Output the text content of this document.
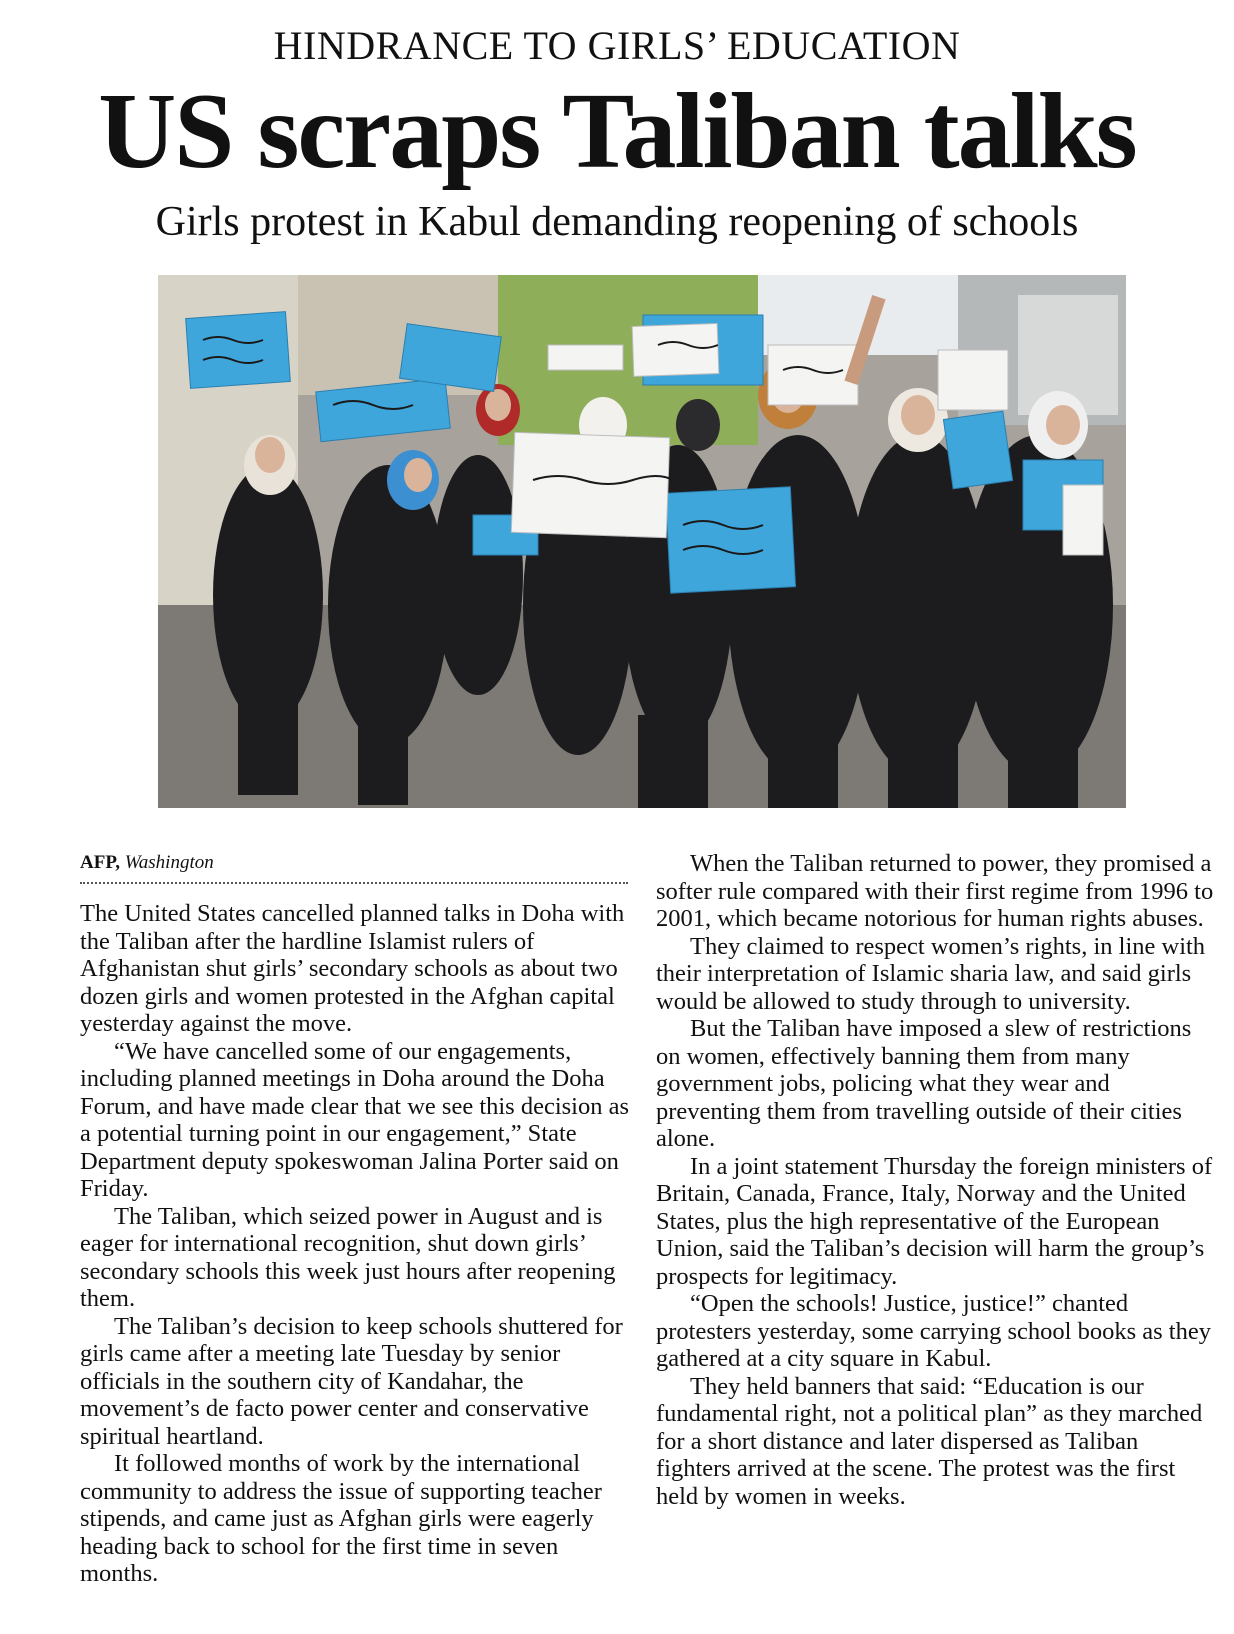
HINDRANCE TO GIRLS’ EDUCATION
US scraps Taliban talks
Girls protest in Kabul demanding reopening of schools
AFP, Washington

The United States cancelled planned talks in Doha with the Taliban after the hardline Islamist rulers of Afghanistan shut girls’ secondary schools as about two dozen girls and women protested in the Afghan capital yesterday against the move.

“We have cancelled some of our engagements, including planned meetings in Doha around the Doha Forum, and have made clear that we see this decision as a potential turning point in our engagement,” State Department deputy spokeswoman Jalina Porter said on Friday.

The Taliban, which seized power in August and is eager for international recognition, shut down girls’ secondary schools this week just hours after reopening them.

The Taliban’s decision to keep schools shuttered for girls came after a meeting late Tuesday by senior officials in the southern city of Kandahar, the movement’s de facto power center and conservative spiritual heartland.

It followed months of work by the international community to address the issue of supporting teacher stipends, and came just as Afghan girls were eagerly heading back to school for the first time in seven months.

When the Taliban returned to power, they promised a softer rule compared with their first regime from 1996 to 2001, which became notorious for human rights abuses.

They claimed to respect women’s rights, in line with their interpretation of Islamic sharia law, and said girls would be allowed to study through to university.

But the Taliban have imposed a slew of restrictions on women, effectively banning them from many government jobs, policing what they wear and preventing them from travelling outside of their cities alone.

In a joint statement Thursday the foreign ministers of Britain, Canada, France, Italy, Norway and the United States, plus the high representative of the European Union, said the Taliban’s decision will harm the group’s prospects for legitimacy.

“Open the schools! Justice, justice!” chanted protesters yesterday, some carrying school books as they gathered at a city square in Kabul.

They held banners that said: “Education is our fundamental right, not a political plan” as they marched for a short distance and later dispersed as Taliban fighters arrived at the scene. The protest was the first held by women in weeks.
